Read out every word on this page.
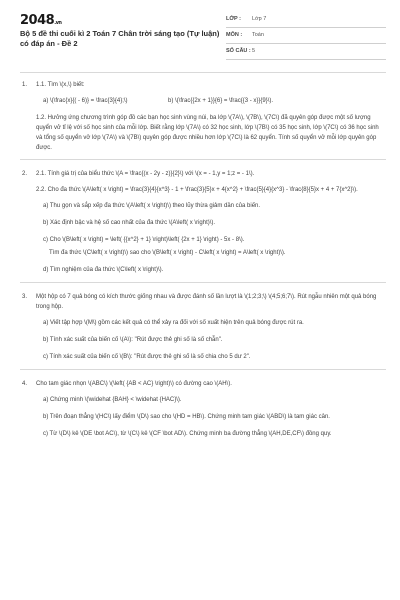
2048.vn
Bộ 5 đề thi cuối kì 2 Toán 7 Chân trời sáng tạo (Tự luận) có đáp án - Đề 2
LỚP : Lớp 7
MÔN : Toán
SỐ CÂU : 5
1. 1.1. Tìm \(x,\) biết:
a) \(\frac{x}{( - 6)} = \frac{3}{4};\)	b) \(\frac{{2x + 1}}{6} = \frac{{3 - x}}{9}\).
1.2. Hưởng ứng chương trình góp đồ các bạn học sinh vùng núi, ba lớp \(7A\), \(7B\), \(7C\) đã quyên góp được một số lượng quyển vở tỉ lệ với số học sinh của mỗi lớp. Biết rằng lớp \(7A\) có 32 học sinh, lớp \(7B\) có 35 học sinh, lớp \(7C\) có 36 học sinh và tổng số quyển vở lớp \(7A\) và \(7B\) quyên góp được nhiều hơn lớp \(7C\) là 62 quyển. Tính số quyển vở mỗi lớp quyên góp được.
2. 2.1. Tính giá trị của biểu thức \(A = \frac{(x - 2y - z)}{2}\) với \(x = - 1,y = 1;z = - 1\).
2.2. Cho đa thức \(A\left( x \right) = \frac{3}{4}{x^3} - 1 + \frac{3}{5}x + 4{x^2} + \frac{5}{4}{x^3} - \frac{8}{5}x + 4 + 7{x^2}\).
a) Thu gọn và sắp xếp đa thức \(A\left( x \right)\) theo lũy thừa giảm dần của biến.
b) Xác định bậc và hệ số cao nhất của đa thức \(A\left( x \right)\).
c) Cho \(B\left( x \right) = \left( {{x^2} + 1} \right)\left( {2x + 1} \right) - 5x - 8\).
Tìm đa thức \(C\left( x \right)\) sao cho \(B\left( x \right) - C\left( x \right) = A\left( x \right)\).
d) Tìm nghiệm của đa thức \(C\left( x \right)\).
3. Một hộp có 7 quả bóng có kích thước giống nhau và được đánh số lần lượt là \(1;2;3;\) \(4;5;6;7\). Rút ngẫu nhiên một quả bóng trong hộp.
a) Viết tập hợp \(M\) gồm các kết quả có thể xảy ra đối với số xuất hiện trên quả bóng được rút ra.
b) Tính xác suất của biến cố \(A\): "Rút được thẻ ghi số là số chẵn".
c) Tính xác suất của biến cố \(B\): "Rút được thẻ ghi số là số chia cho 5 dư 2".
4. Cho tam giác nhọn \(ABC\) \(\left( {AB < AC} \right)\) có đường cao \(AH\).
a) Chứng minh \(\widehat {BAH} < \widehat {HAC}\).
b) Trên đoạn thẳng \(HC\) lấy điểm \(D\) sao cho \(HD = HB\). Chứng minh tam giác \(ABD\) là tam giác cân.
c) Từ \(D\) kẻ \(DE \bot AC\), từ \(C\) kẻ \(CF \bot AD\). Chứng minh ba đường thẳng \(AH,DE,CF\) đồng quy.
